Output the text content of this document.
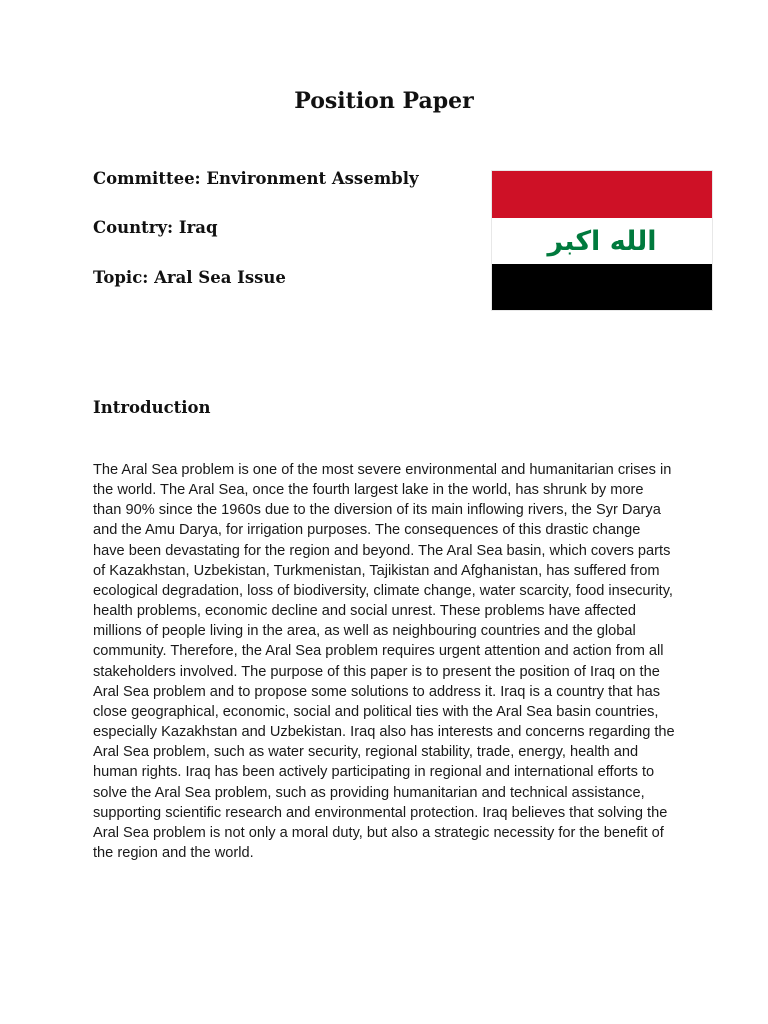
Position Paper
Committee: Environment Assembly
Country: Iraq
Topic: Aral Sea Issue
الله اكبر
Introduction

The Aral Sea problem is one of the most severe environmental and humanitarian crises in the world. The Aral Sea, once the fourth largest lake in the world, has shrunk by more than 90% since the 1960s due to the diversion of its main inflowing rivers, the Syr Darya and the Amu Darya, for irrigation purposes. The consequences of this drastic change have been devastating for the region and beyond. The Aral Sea basin, which covers parts of Kazakhstan, Uzbekistan, Turkmenistan, Tajikistan and Afghanistan, has suffered from ecological degradation, loss of biodiversity, climate change, water scarcity, food insecurity, health problems, economic decline and social unrest. These problems have affected millions of people living in the area, as well as neighbouring countries and the global community. Therefore, the Aral Sea problem requires urgent attention and action from all stakeholders involved. The purpose of this paper is to present the position of Iraq on the Aral Sea problem and to propose some solutions to address it. Iraq is a country that has close geographical, economic, social and political ties with the Aral Sea basin countries, especially Kazakhstan and Uzbekistan. Iraq also has interests and concerns regarding the Aral Sea problem, such as water security, regional stability, trade, energy, health and human rights. Iraq has been actively participating in regional and international efforts to solve the Aral Sea problem, such as providing humanitarian and technical assistance, supporting scientific research and environmental protection. Iraq believes that solving the Aral Sea problem is not only a moral duty, but also a strategic necessity for the benefit of the region and the world.
